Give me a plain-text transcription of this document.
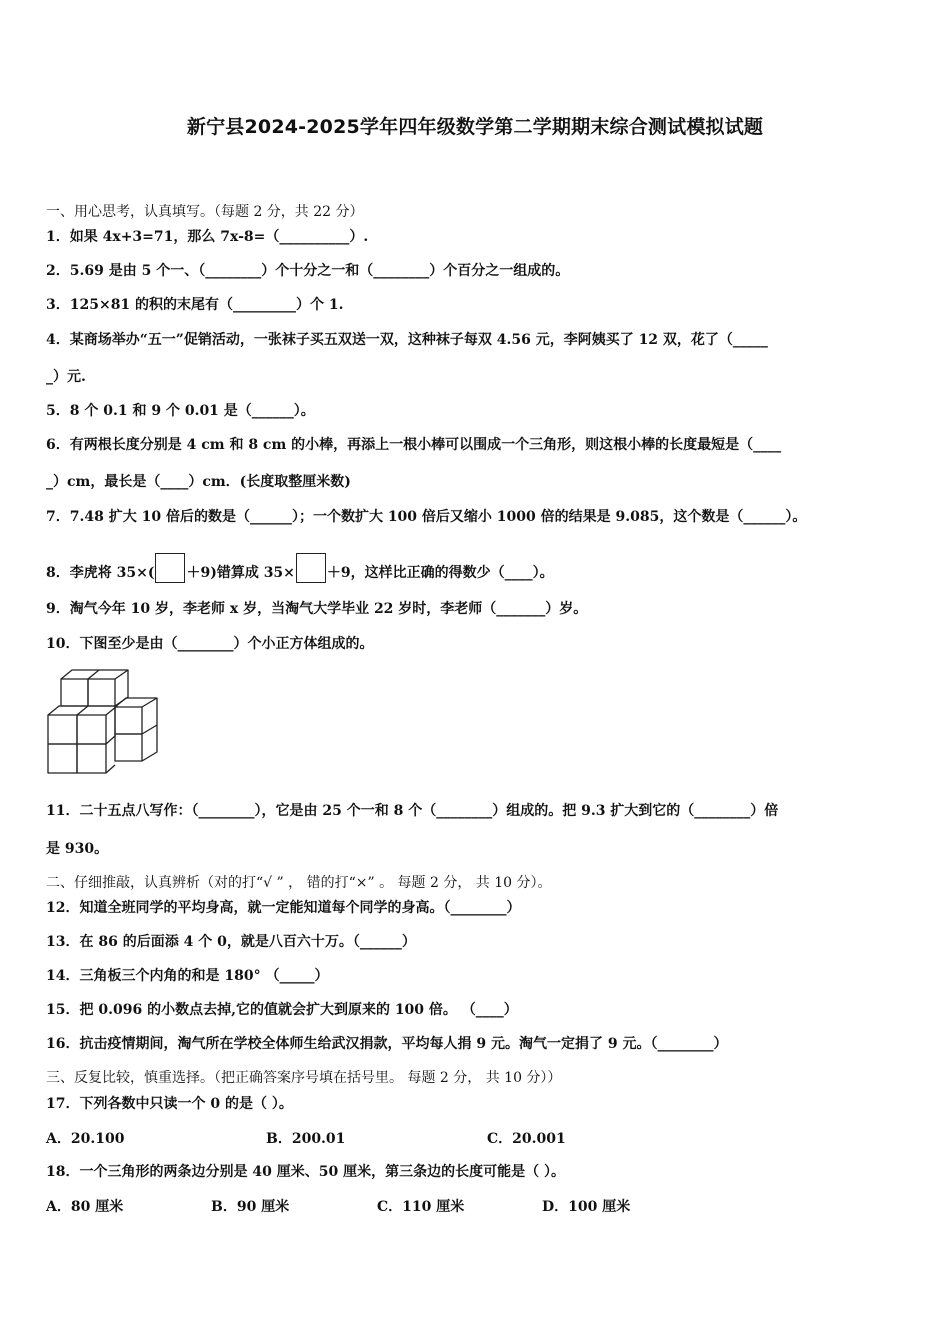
新宁县2024-2025学年四年级数学第二学期期末综合测试模拟试题
一、用心思考，认真填写。（每题 2 分，共 22 分）
1．如果 4x+3=71，那么 7x-8=（__________）.
2．5.69 是由 5 个一、（________）个十分之一和（________）个百分之一组成的。
3．125×81 的积的末尾有（_________）个 1.
4．某商场举办“五一”促销活动，一张袜子买五双送一双，这种袜子每双 4.56 元，李阿姨买了 12 双，花了（_____
_）元.
5．8 个 0.1 和 9 个 0.01 是（______）。
6．有两根长度分别是 4 cm 和 8 cm 的小棒，再添上一根小棒可以围成一个三角形，则这根小棒的长度最短是（____
_）cm，最长是（____）cm．(长度取整厘米数)
7．7.48 扩大 10 倍后的数是（______）；一个数扩大 100 倍后又缩小 1000 倍的结果是 9.085，这个数是（______）。
8．李虎将 35×( ＋9)错算成 35× ＋9，这样比正确的得数少（____）。
9．淘气今年 10 岁，李老师 x 岁，当淘气大学毕业 22 岁时，李老师（_______）岁。
10．下图至少是由（________）个小正方体组成的。
11．二十五点八写作：（________），它是由 25 个一和 8 个（________）组成的。把 9.3 扩大到它的（________）倍
是 930。
二、仔细推敲，认真辨析（对的打“√ ” ， 错的打“×” 。 每题 2 分， 共 10 分）。
12．知道全班同学的平均身高，就一定能知道每个同学的身高。（________）
13．在 86 的后面添 4 个 0，就是八百六十万。（______）
14．三角板三个内角的和是 180° （_____）
15．把 0.096 的小数点去掉,它的值就会扩大到原来的 100 倍。 （____）
16．抗击疫情期间，淘气所在学校全体师生给武汉捐款，平均每人捐 9 元。淘气一定捐了 9 元。（________）
三、反复比较，慎重选择。（把正确答案序号填在括号里。 每题 2 分， 共 10 分））
17．下列各数中只读一个 0 的是（ ）。
A．20.100	B．200.01	C．20.001
18．一个三角形的两条边分别是 40 厘米、50 厘米，第三条边的长度可能是（ ）。
A．80 厘米	B．90 厘米	C．110 厘米	D．100 厘米
